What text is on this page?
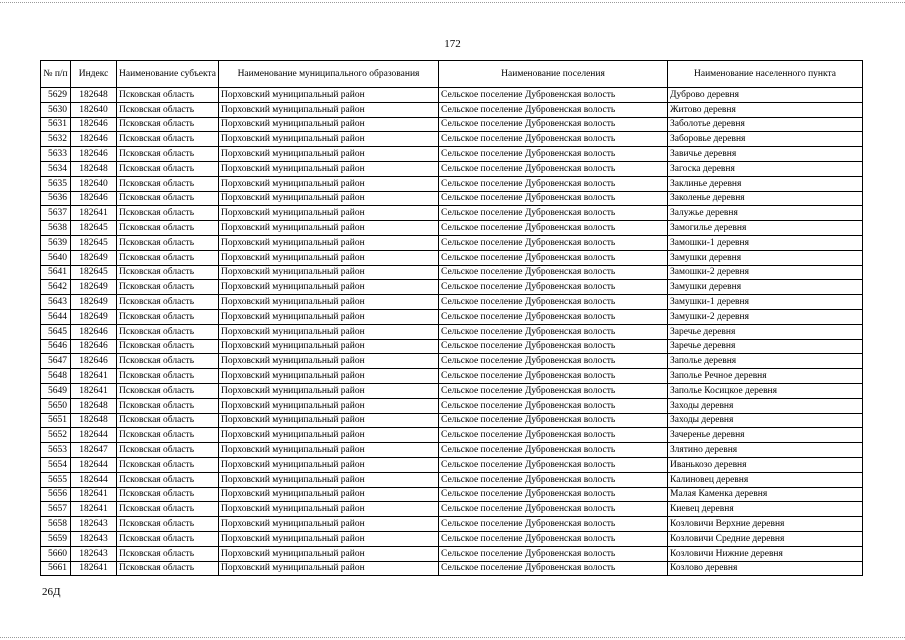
172
№ п/п	Индекс	Наименование субъекта	Наименование муниципального образования	Наименование поселения	Наименование населенного пункта
5629	182648	Псковская область	Порховский муниципальный район	Сельское поселение Дубровенская волость	Дуброво деревня
5630	182640	Псковская область	Порховский муниципальный район	Сельское поселение Дубровенская волость	Житово деревня
5631	182646	Псковская область	Порховский муниципальный район	Сельское поселение Дубровенская волость	Заболотье деревня
5632	182646	Псковская область	Порховский муниципальный район	Сельское поселение Дубровенская волость	Заборовье деревня
5633	182646	Псковская область	Порховский муниципальный район	Сельское поселение Дубровенская волость	Завичье деревня
5634	182648	Псковская область	Порховский муниципальный район	Сельское поселение Дубровенская волость	Загоска деревня
5635	182640	Псковская область	Порховский муниципальный район	Сельское поселение Дубровенская волость	Заклинье деревня
5636	182646	Псковская область	Порховский муниципальный район	Сельское поселение Дубровенская волость	Заколенье деревня
5637	182641	Псковская область	Порховский муниципальный район	Сельское поселение Дубровенская волость	Залужье деревня
5638	182645	Псковская область	Порховский муниципальный район	Сельское поселение Дубровенская волость	Замогилье деревня
5639	182645	Псковская область	Порховский муниципальный район	Сельское поселение Дубровенская волость	Замошки-1 деревня
5640	182649	Псковская область	Порховский муниципальный район	Сельское поселение Дубровенская волость	Замушки деревня
5641	182645	Псковская область	Порховский муниципальный район	Сельское поселение Дубровенская волость	Замошки-2 деревня
5642	182649	Псковская область	Порховский муниципальный район	Сельское поселение Дубровенская волость	Замушки деревня
5643	182649	Псковская область	Порховский муниципальный район	Сельское поселение Дубровенская волость	Замушки-1 деревня
5644	182649	Псковская область	Порховский муниципальный район	Сельское поселение Дубровенская волость	Замушки-2 деревня
5645	182646	Псковская область	Порховский муниципальный район	Сельское поселение Дубровенская волость	Заречье деревня
5646	182646	Псковская область	Порховский муниципальный район	Сельское поселение Дубровенская волость	Заречье деревня
5647	182646	Псковская область	Порховский муниципальный район	Сельское поселение Дубровенская волость	Заполье деревня
5648	182641	Псковская область	Порховский муниципальный район	Сельское поселение Дубровенская волость	Заполье Речное деревня
5649	182641	Псковская область	Порховский муниципальный район	Сельское поселение Дубровенская волость	Заполье Косицкое деревня
5650	182648	Псковская область	Порховский муниципальный район	Сельское поселение Дубровенская волость	Заходы деревня
5651	182648	Псковская область	Порховский муниципальный район	Сельское поселение Дубровенская волость	Заходы деревня
5652	182644	Псковская область	Порховский муниципальный район	Сельское поселение Дубровенская волость	Зачеренье деревня
5653	182647	Псковская область	Порховский муниципальный район	Сельское поселение Дубровенская волость	Злятино деревня
5654	182644	Псковская область	Порховский муниципальный район	Сельское поселение Дубровенская волость	Иванькозо деревня
5655	182644	Псковская область	Порховский муниципальный район	Сельское поселение Дубровенская волость	Калиновец деревня
5656	182641	Псковская область	Порховский муниципальный район	Сельское поселение Дубровенская волость	Малая Каменка деревня
5657	182641	Псковская область	Порховский муниципальный район	Сельское поселение Дубровенская волость	Киевец деревня
5658	182643	Псковская область	Порховский муниципальный район	Сельское поселение Дубровенская волость	Козловичи Верхние деревня
5659	182643	Псковская область	Порховский муниципальный район	Сельское поселение Дубровенская волость	Козловичи Средние деревня
5660	182643	Псковская область	Порховский муниципальный район	Сельское поселение Дубровенская волость	Козловичи Нижние деревня
5661	182641	Псковская область	Порховский муниципальный район	Сельское поселение Дубровенская волость	Козлово деревня
26Д
